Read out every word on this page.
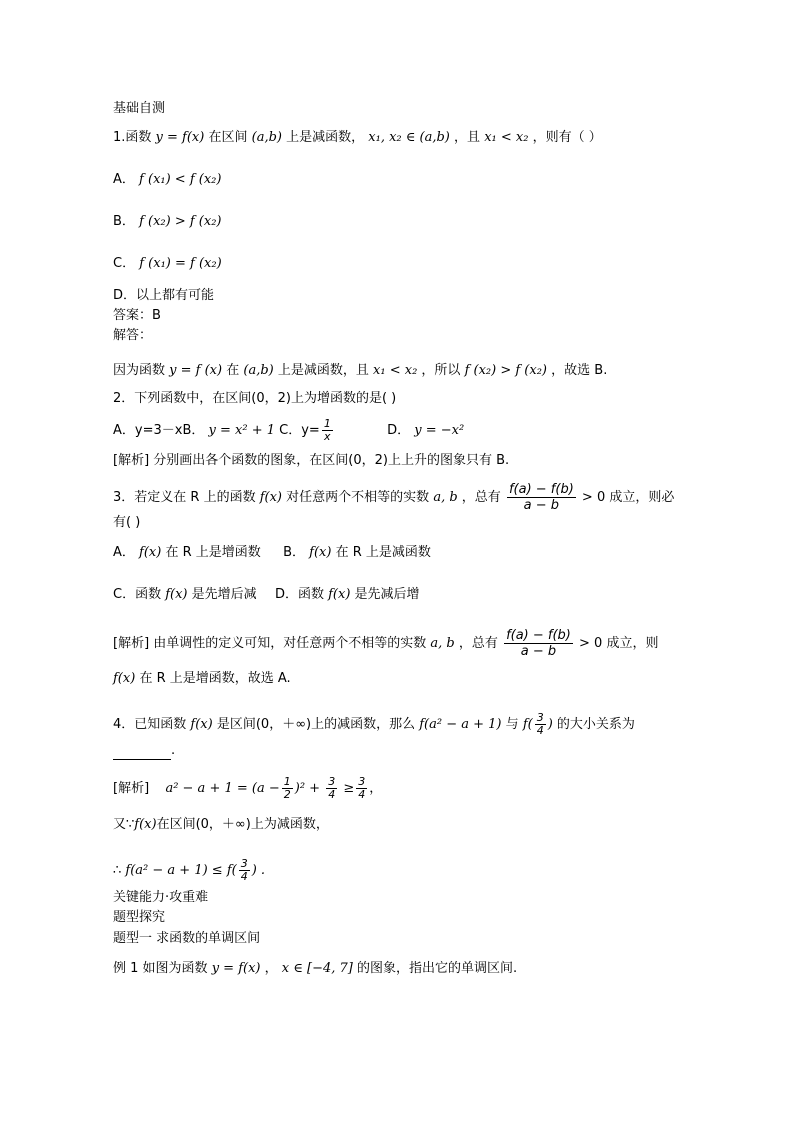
基础自测
1.函数 y = f(x) 在区间 (a,b) 上是减函数， x₁, x₂ ∈ (a,b) ，且 x₁ < x₂ ，则有（ ）
A． f (x₁) < f (x₂)
B． f (x₂) > f (x₂)
C． f (x₁) = f (x₂)
D．以上都有可能
答案：B
解答：
因为函数 y = f (x) 在 (a,b) 上是减函数，且 x₁ < x₂ ，所以 f (x₂) > f (x₂) ，故选 B.
2．下列函数中，在区间(0，2)上为增函数的是( )
A．y=3－xB． y = x² + 1 C．$y= \frac{1}{x}$	D． y = −x²
[解析] 分别画出各个函数的图象，在区间(0，2)上上升的图象只有 B.
3．若定义在 R 上的函数 f(x) 对任意两个不相等的实数 a, b ，总有 $\frac{f(a) - f(b)}{a - b} > 0$ 成立，则必
有( )
A． f(x) 在 R 上是增函数 B． f(x) 在 R 上是减函数
C．函数 f(x) 是先增后减 D．函数 f(x) 是先减后增
[解析] 由单调性的定义可知，对任意两个不相等的实数 a, b ，总有 $\frac{f(a) - f(b)}{a - b} > 0$ 成立，则
f(x) 在 R 上是增函数，故选 A.
4．已知函数 f(x) 是区间(0，＋∞)上的减函数，那么 f(a² − a + 1) 与 $f( \frac{3}{4}$ ) 的大小关系为
.
[解析] $a^2 - a + 1 = (a - \frac{1}{2} )^2 + \frac{3}{4} \ge \frac{3}{4}$ ，
又∵f(x)在区间(0，＋∞)上为减函数，
∴ $f(a^2 - a + 1) \le f( \frac{3}{4}$ ) .
关键能力·攻重难
题型探究
题型一 求函数的单调区间
例 1 如图为函数 y = f(x) ， x ∈ [−4, 7] 的图象，指出它的单调区间.
